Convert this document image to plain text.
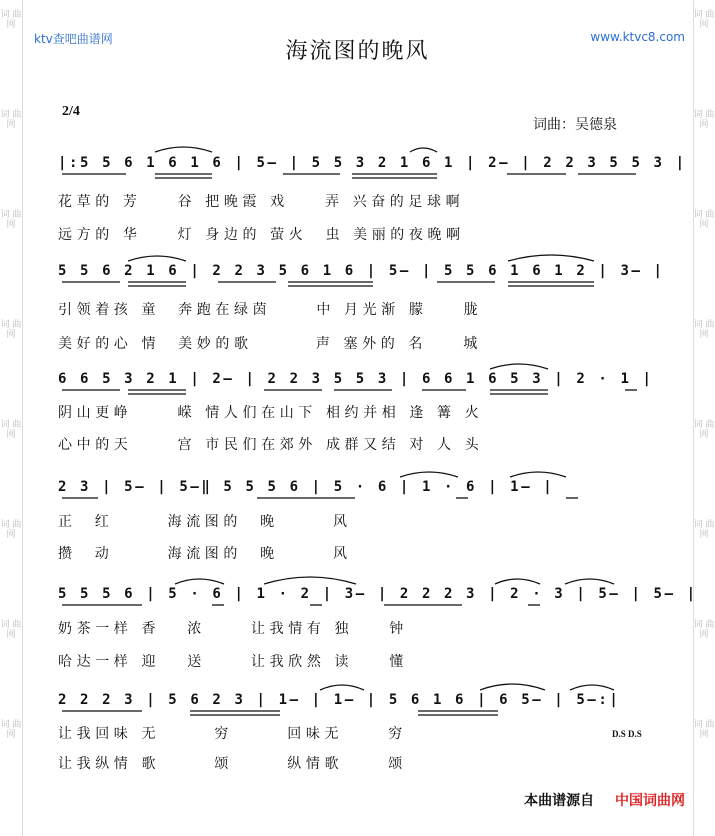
词 曲 网
词 曲 网
词 曲 网
词 曲 网
词 曲 网
词 曲 网
词 曲 网
词 曲 网
词 曲 网
词 曲 网
词 曲 网
词 曲 网
词 曲 网
词 曲 网
词 曲 网
词 曲 网
ktv查吧曲谱网	www.ktvc8.com
海流图的晚风
2/4
词曲：吴德泉
|:5 5 6 1 6 1 6 | 5— | 5 5 3 2 1 6 1 | 2— | 2 2 3 5 5 3 |
花草的 芳    谷 把晚霞 戏    弄 兴奋的足球啊
远方的 华    灯 身边的 萤火  虫 美丽的夜晚啊
5 5 6 2 1 6 | 2 2 3 5 6 1 6 | 5— | 5 5 6 1 6 1 2 | 3— |
引领着孩 童  奔跑在绿茵     中 月光渐 朦    胧
美好的心 情  美妙的歌       声 塞外的 名    城
6 6 5 3 2 1 | 2— | 2 2 3 5 5 3 | 6 6 1 6 5 3 | 2 · 1 |
阴山更峥     嵘 情人们在山下 相约并相 逢 篝 火
心中的天     宫 市民们在郊外 成群又结 对 人 头
2 3 | 5— | 5—‖ 5 5 5 6 | 5 · 6 | 1 · 6 | 1— |
正  红      海流图的  晚      风
攒  动      海流图的  晚      风
5 5 5 6 | 5 · 6 | 1 · 2 | 3— | 2 2 2 3 | 2 · 3 | 5— | 5— |
奶茶一样 香   浓     让我情有 独    钟
哈达一样 迎   送     让我欣然 读    懂
2 2 2 3 | 5 6 2 3 | 1— | 1— | 5 6 1 6 | 6 5— | 5—:|
让我回味 无      穷      回味无     穷
让我纵情 歌      颂      纵情歌     颂
D.S D.S
本曲谱源自 中国词曲网
